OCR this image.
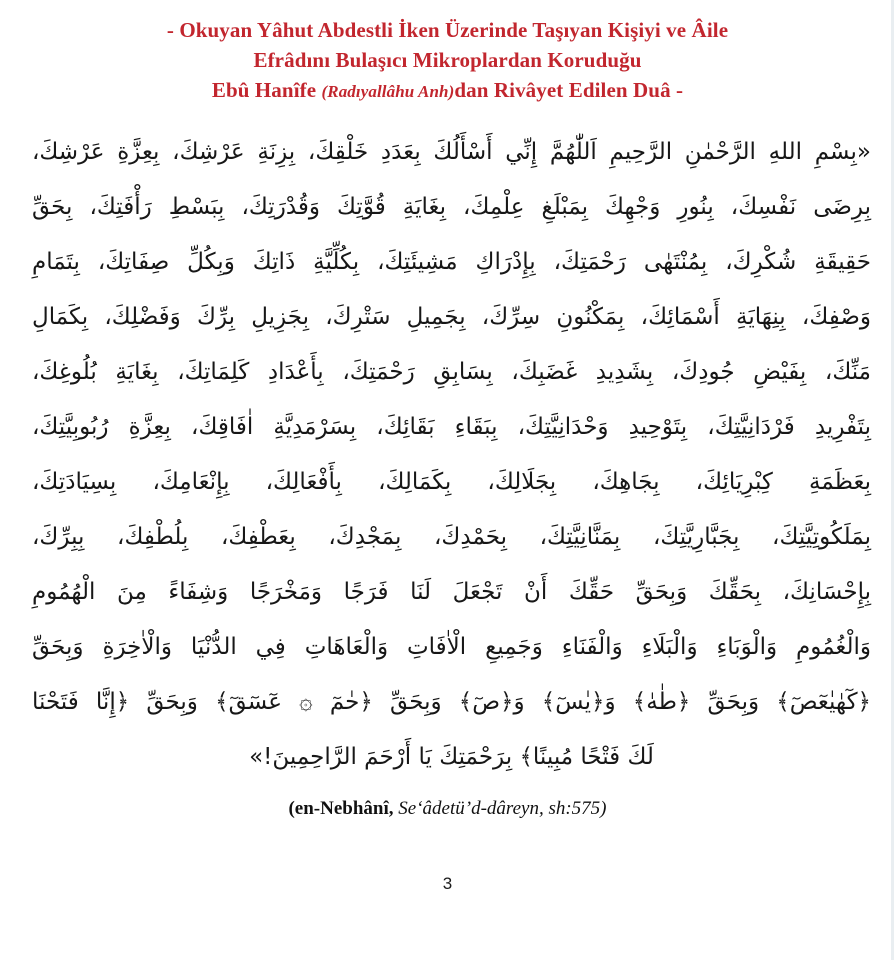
- Okuyan Yâhut Abdestli İken Üzerinde Taşıyan Kişiyi ve Âile
Efrâdını Bulaşıcı Mikroplardan Koruduğu
Ebû Hanîfe (Radıyallâhu Anh)dan Rivâyet Edilen Duâ -
«بِسْمِ اللهِ الرَّحْمٰنِ الرَّحِيمِ اَللّٰهُمَّ إِنِّي أَسْأَلُكَ بِعَدَدِ خَلْقِكَ، بِزِنَةِ عَرْشِكَ، بِعِزَّةِ عَرْشِكَ،
بِرِضَى نَفْسِكَ، بِنُورِ وَجْهِكَ بِمَبْلَغِ عِلْمِكَ، بِغَايَةِ قُوَّتِكَ وَقُدْرَتِكَ، بِبَسْطِ رَأْفَتِكَ، بِحَقِّ
حَقِيقَةِ شُكْرِكَ، بِمُنْتَهٰى رَحْمَتِكَ، بِإِدْرَاكِ مَشِيئَتِكَ، بِكُلِّيَّةِ ذَاتِكَ وَبِكُلِّ صِفَاتِكَ، بِتَمَامِ
وَصْفِكَ، بِنِهَايَةِ أَسْمَائِكَ، بِمَكْنُونِ سِرِّكَ، بِجَمِيلِ سَتْرِكَ، بِجَزِيلِ بِرِّكَ وَفَضْلِكَ، بِكَمَالِ
مَنِّكَ، بِفَيْضِ جُودِكَ، بِشَدِيدِ غَضَبِكَ، بِسَابِقِ رَحْمَتِكَ، بِأَعْدَادِ كَلِمَاتِكَ، بِغَايَةِ بُلُوغِكَ،
بِتَفْرِيدِ فَرْدَانِيَّتِكَ، بِتَوْحِيدِ وَحْدَانِيَّتِكَ، بِبَقَاءِ بَقَائِكَ، بِسَرْمَدِيَّةِ اٰفَاقِكَ، بِعِزَّةِ رُبُوبِيَّتِكَ،
بِعَظَمَةِ كِبْرِيَائِكَ، بِجَاهِكَ، بِجَلَالِكَ، بِكَمَالِكَ، بِأَفْعَالِكَ، بِإِنْعَامِكَ، بِسِيَادَتِكَ،
بِمَلَكُوتِيَّتِكَ، بِجَبَّارِيَّتِكَ، بِمَنَّانِيَّتِكَ، بِحَمْدِكَ، بِمَجْدِكَ، بِعَطْفِكَ، بِلُطْفِكَ، بِبِرِّكَ،
بِإِحْسَانِكَ، بِحَقِّكَ وَبِحَقِّ حَقِّكَ أَنْ تَجْعَلَ لَنَا فَرَجًا وَمَخْرَجًا وَشِفَاءً مِنَ الْهُمُومِ
وَالْغُمُومِ وَالْوَبَاءِ وَالْبَلَاءِ وَالْفَنَاءِ وَجَمِيعِ الْاٰفَاتِ وَالْعَاهَاتِ فِي الدُّنْيَا وَالْاٰخِرَةِ وَبِحَقِّ
﴿كٓهٰيٰعٓصٓ﴾ وَبِحَقِّ ﴿طٰهٰ﴾ وَ﴿يٰسٓ﴾ وَ﴿صٓ﴾ وَبِحَقِّ ﴿حٰمٓ ۞ عٓسٓقٓ﴾ وَبِحَقِّ ﴿إِنَّا فَتَحْنَا
لَكَ فَتْحًا مُبِينًا﴾ بِرَحْمَتِكَ يَا أَرْحَمَ الرَّاحِمِينَ!»
(en-Nebhânî, Se‘âdetü’d-dâreyn, sh:575)
3
